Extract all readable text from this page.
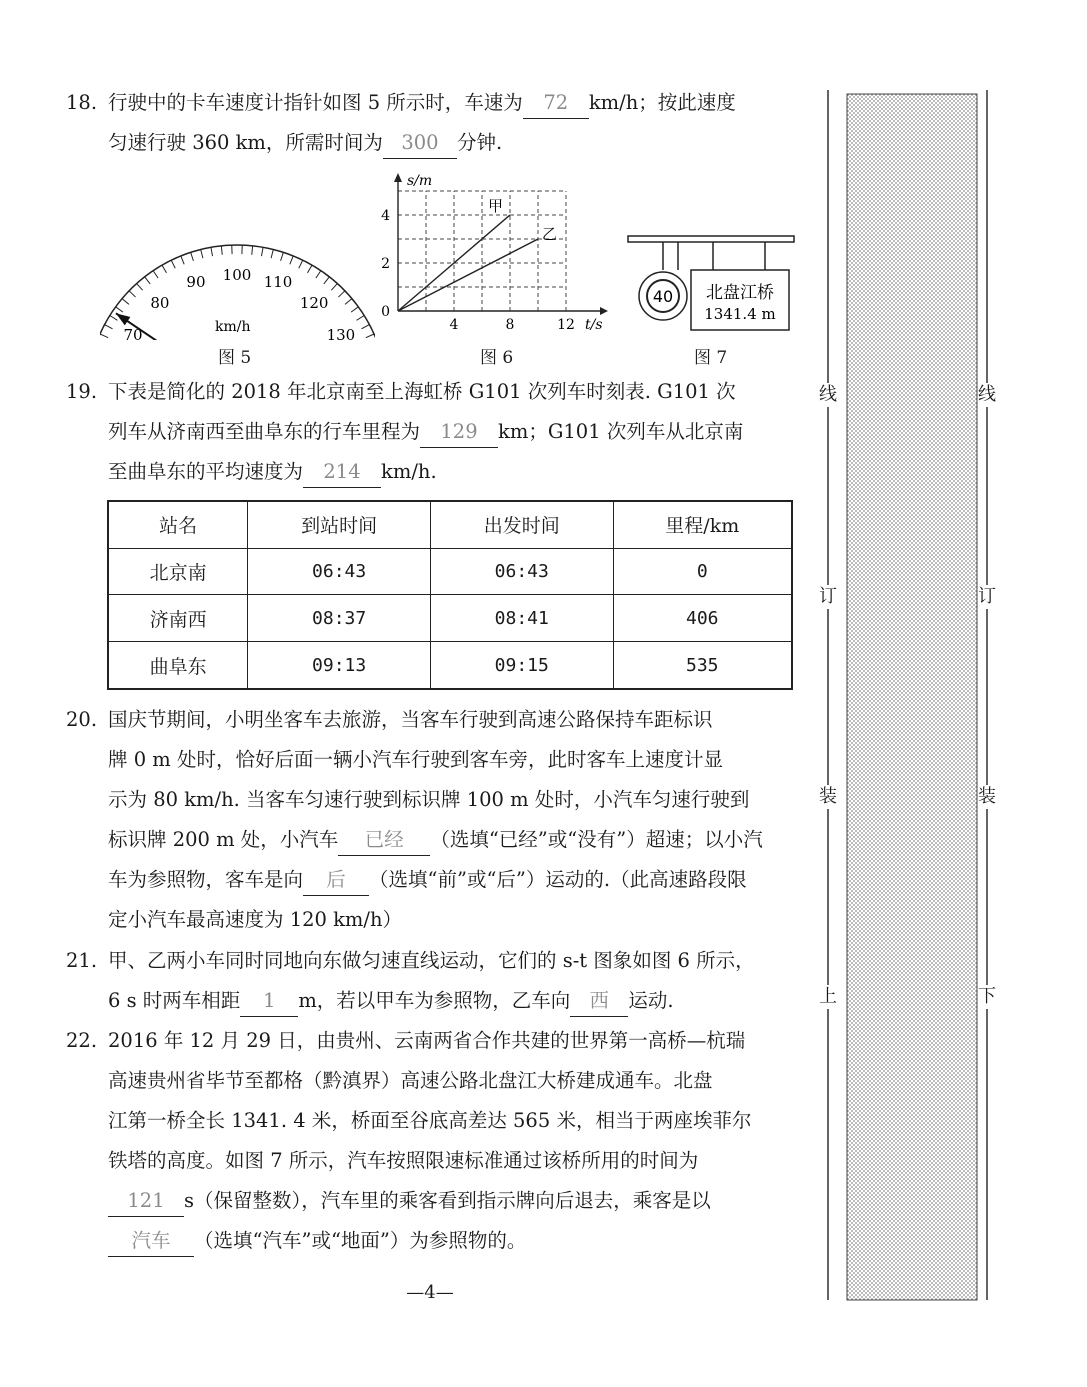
18. 行驶中的卡车速度计指针如图 5 所示时，车速为 72 km/h；按此速度
匀速行驶 360 km，所需时间为 300 分钟.
70
80
90 100 110
120
130
km/h
图 5
s/m
t/s
4	8	12
4
2
0
甲
乙
图 6
40 北盘江桥
1341.4 m
图 7
19. 下表是简化的 2018 年北京南至上海虹桥 G101 次列车时刻表. G101 次
列车从济南西至曲阜东的行车里程为 129 km；G101 次列车从北京南
至曲阜东的平均速度为 214 km/h.
站名	到站时间	出发时间	里程/km
北京南	06:43	06:43	0
济南西	08:37	08:41	406
曲阜东	09:13	09:15	535
20. 国庆节期间，小明坐客车去旅游，当客车行驶到高速公路保持车距标识
牌 0 m 处时，恰好后面一辆小汽车行驶到客车旁，此时客车上速度计显
示为 80 km/h. 当客车匀速行驶到标识牌 100 m 处时，小汽车匀速行驶到
标识牌 200 m 处，小汽车 已经 （选填“已经”或“没有”）超速；以小汽
车为参照物，客车是向 后 （选填“前”或“后”）运动的.（此高速路段限
定小汽车最高速度为 120 km/h）
21. 甲、乙两小车同时同地向东做匀速直线运动，它们的 s-t 图象如图 6 所示，
6 s 时两车相距 1 m，若以甲车为参照物，乙车向 西 运动.
22. 2016 年 12 月 29 日，由贵州、云南两省合作共建的世界第一高桥—杭瑞
高速贵州省毕节至都格（黔滇界）高速公路北盘江大桥建成通车。北盘
江第一桥全长 1341. 4 米，桥面至谷底高差达 565 米，相当于两座埃菲尔
铁塔的高度。如图 7 所示，汽车按照限速标准通过该桥所用的时间为
121 s（保留整数），汽车里的乘客看到指示牌向后退去，乘客是以
汽车 （选填“汽车”或“地面”）为参照物的。
—4—
线
订
装
上
线
订
装
下
